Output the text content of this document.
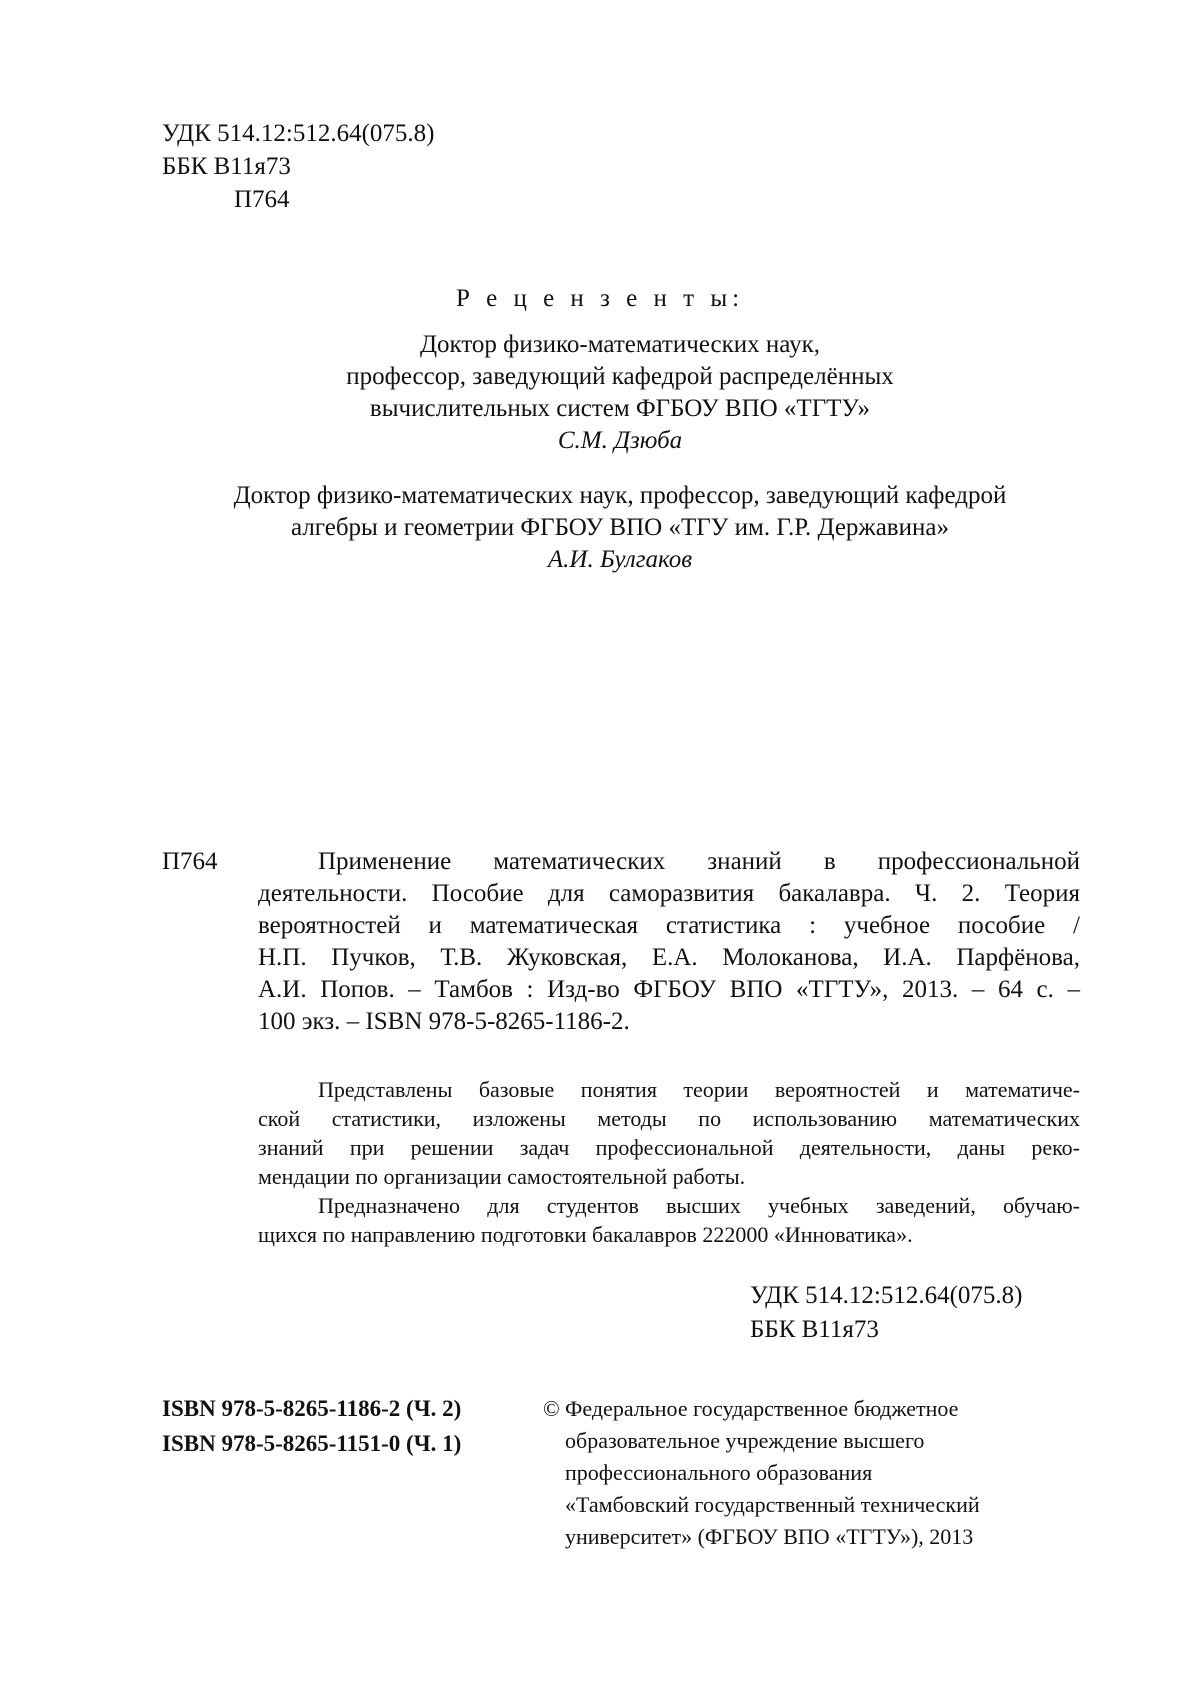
УДК 514.12:512.64(075.8)
ББК В11я73
П764
Р е ц е н з е н т ы:
Доктор физико-математических наук,
профессор, заведующий кафедрой распределённых
вычислительных систем ФГБОУ ВПО «ТГТУ»
С.М. Дзюба
Доктор физико-математических наук, профессор, заведующий кафедрой
алгебры и геометрии ФГБОУ ВПО «ТГУ им. Г.Р. Державина»
А.И. Булгаков
П764	Применение математических знаний в профессиональной
деятельности. Пособие для саморазвития бакалавра. Ч. 2. Теория
вероятностей и математическая статистика : учебное пособие /
Н.П. Пучков, Т.В. Жуковская, Е.А. Молоканова, И.А. Парфёнова,
А.И. Попов. – Тамбов : Изд-во ФГБОУ ВПО «ТГТУ», 2013. – 64 с. –
100 экз. – ISBN 978-5-8265-1186-2.
Представлены базовые понятия теории вероятностей и математиче-
ской статистики, изложены методы по использованию математических
знаний при решении задач профессиональной деятельности, даны реко-
мендации по организации самостоятельной работы.
Предназначено для студентов высших учебных заведений, обучаю-
щихся по направлению подготовки бакалавров 222000 «Инноватика».
УДК 514.12:512.64(075.8)
ББК В11я73
ISBN 978-5-8265-1186-2 (Ч. 2)
ISBN 978-5-8265-1151-0 (Ч. 1)
© Федеральное государственное бюджетное
образовательное учреждение высшего
профессионального образования
«Тамбовский государственный технический
университет» (ФГБОУ ВПО «ТГТУ»), 2013
